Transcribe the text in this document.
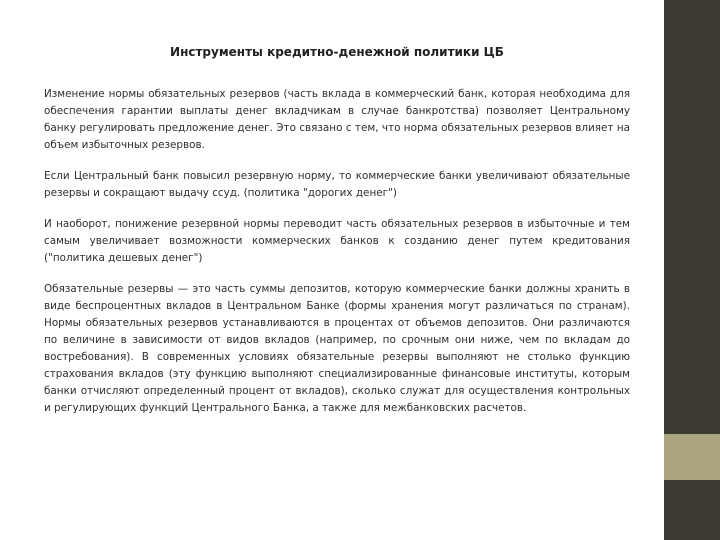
Инструменты кредитно-денежной политики ЦБ

Изменение нормы обязательных резервов (часть вклада в коммерческий банк, которая необходима для обеспечения гарантии выплаты денег вкладчикам в случае банкротства) позволяет Центральному банку регулировать предложение денег. Это связано с тем, что норма обязательных резервов влияет на объем избыточных резервов.

Если Центральный банк повысил резервную норму, то коммерческие банки увеличивают обязательные резервы и сокращают выдачу ссуд. (политика "дорогих денег")

И наоборот, понижение резервной нормы переводит часть обязательных резервов в избыточные и тем самым увеличивает возможности коммерческих банков к созданию денег путем кредитования ("политика дешевых денег")

Обязательные резервы — это часть суммы депозитов, которую коммерческие банки должны хранить в виде беспроцентных вкладов в Центральном Банке (формы хранения могут различаться по странам). Нормы обязательных резервов устанавливаются в процентах от объемов депозитов. Они различаются по величине в зависимости от видов вкладов (например, по срочным они ниже, чем по вкладам до востребования). В современных условиях обязательные резервы выполняют не столько функцию страхования вкладов (эту функцию выполняют специализированные финансовые институты, которым банки отчисляют определенный процент от вкладов), сколько служат для осуществления контрольных и регулирующих функций Центрального Банка, а также для межбанковских расчетов.
